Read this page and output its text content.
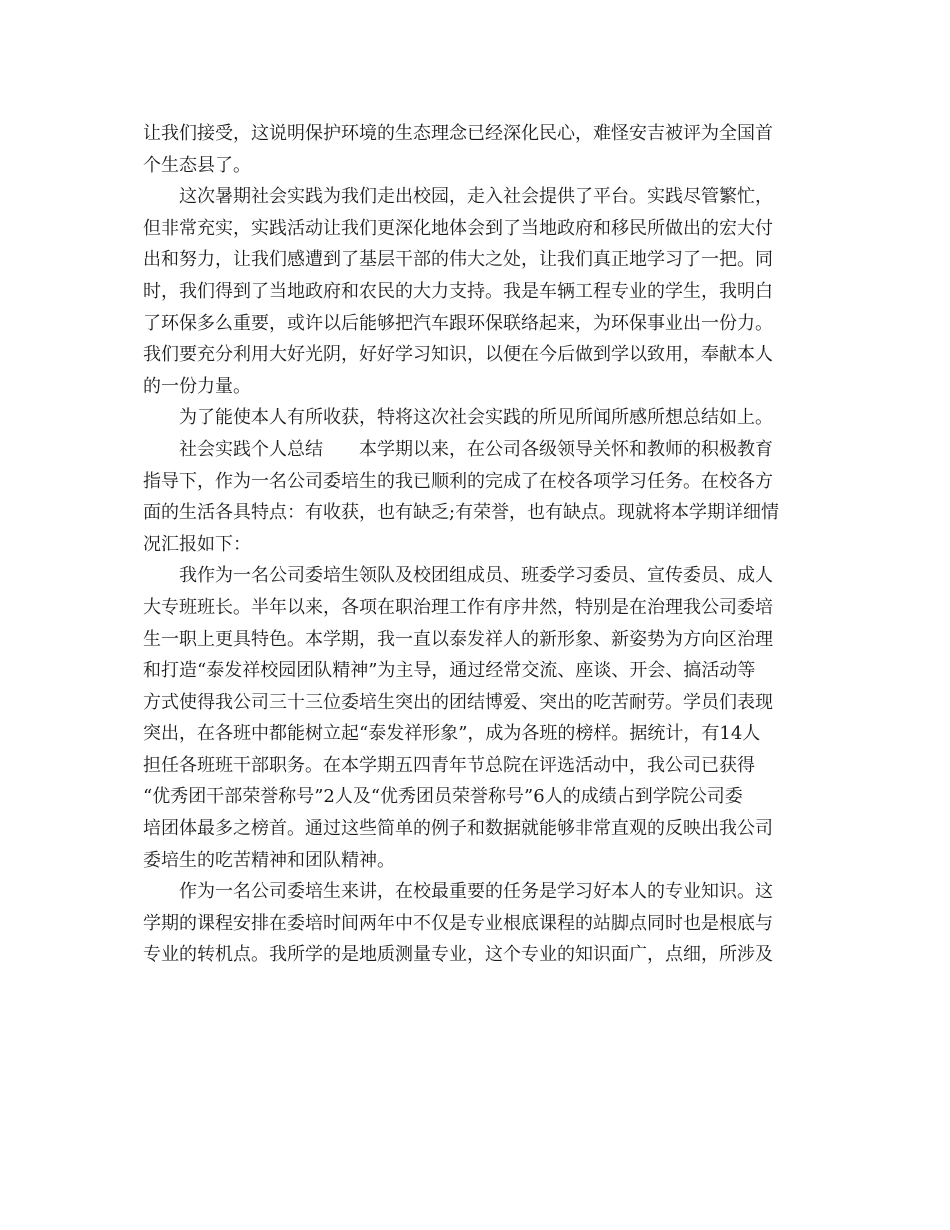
让我们接受，这说明保护环境的生态理念已经深化民心，难怪安吉被评为全国首
个生态县了。
这次暑期社会实践为我们走出校园，走入社会提供了平台。实践尽管繁忙，
但非常充实，实践活动让我们更深化地体会到了当地政府和移民所做出的宏大付
出和努力，让我们感遭到了基层干部的伟大之处，让我们真正地学习了一把。同
时，我们得到了当地政府和农民的大力支持。我是车辆工程专业的学生，我明白
了环保多么重要，或许以后能够把汽车跟环保联络起来，为环保事业出一份力。
我们要充分利用大好光阴，好好学习知识，以便在今后做到学以致用，奉献本人
的一份力量。
为了能使本人有所收获，特将这次社会实践的所见所闻所感所想总结如上。
社会实践个人总结　　本学期以来，在公司各级领导关怀和教师的积极教育
指导下，作为一名公司委培生的我已顺利的完成了在校各项学习任务。在校各方
面的生活各具特点：有收获，也有缺乏;有荣誉，也有缺点。现就将本学期详细情
况汇报如下：
我作为一名公司委培生领队及校团组成员、班委学习委员、宣传委员、成人
大专班班长。半年以来，各项在职治理工作有序井然，特别是在治理我公司委培
生一职上更具特色。本学期，我一直以泰发祥人的新形象、新姿势为方向区治理
和打造“泰发祥校园团队精神”为主导，通过经常交流、座谈、开会、搞活动等
方式使得我公司三十三位委培生突出的团结博爱、突出的吃苦耐劳。学员们表现
突出，在各班中都能树立起“泰发祥形象”，成为各班的榜样。据统计，有14人
担任各班班干部职务。在本学期五四青年节总院在评选活动中，我公司已获得
“优秀团干部荣誉称号”2人及“优秀团员荣誉称号”6人的成绩占到学院公司委
培团体最多之榜首。通过这些简单的例子和数据就能够非常直观的反映出我公司
委培生的吃苦精神和团队精神。
作为一名公司委培生来讲，在校最重要的任务是学习好本人的专业知识。这
学期的课程安排在委培时间两年中不仅是专业根底课程的站脚点同时也是根底与
专业的转机点。我所学的是地质测量专业，这个专业的知识面广，点细，所涉及
